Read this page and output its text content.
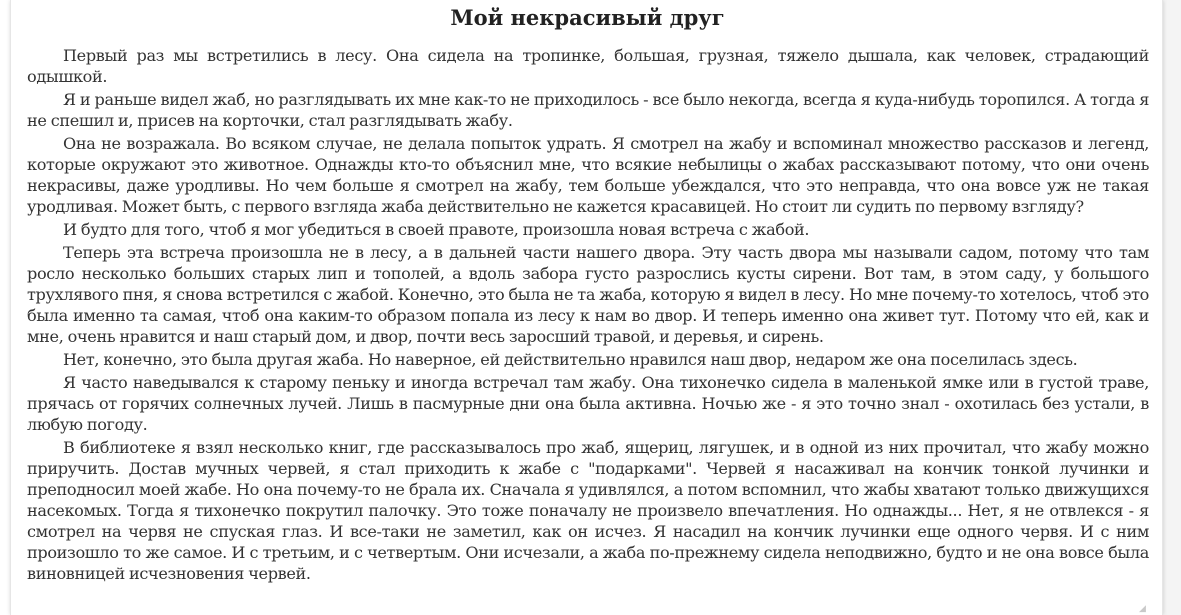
Мой некрасивый друг

Первый раз мы встретились в лесу. Она сидела на тропинке, большая, грузная, тяжело дышала, как человек, страдающий одышкой.

Я и раньше видел жаб, но разглядывать их мне как-то не приходилось - все было некогда, всегда я куда-нибудь торопился. А тогда я не спешил и, присев на корточки, стал разглядывать жабу.

Она не возражала. Во всяком случае, не делала попыток удрать. Я смотрел на жабу и вспоминал множество рассказов и легенд, которые окружают это животное. Однажды кто-то объяснил мне, что всякие небылицы о жабах рассказывают потому, что они очень некрасивы, даже уродливы. Но чем больше я смотрел на жабу, тем больше убеждался, что это неправда, что она вовсе уж не такая уродливая. Может быть, с первого взгляда жаба действительно не кажется красавицей. Но стоит ли судить по первому взгляду?

И будто для того, чтоб я мог убедиться в своей правоте, произошла новая встреча с жабой.

Теперь эта встреча произошла не в лесу, а в дальней части нашего двора. Эту часть двора мы называли садом, потому что там росло несколько больших старых лип и тополей, а вдоль забора густо разрослись кусты сирени. Вот там, в этом саду, у большого трухлявого пня, я снова встретился с жабой. Конечно, это была не та жаба, которую я видел в лесу. Но мне почему-то хотелось, чтоб это была именно та самая, чтоб она каким-то образом попала из лесу к нам во двор. И теперь именно она живет тут. Потому что ей, как и мне, очень нравится и наш старый дом, и двор, почти весь заросший травой, и деревья, и сирень.

Нет, конечно, это была другая жаба. Но наверное, ей действительно нравился наш двор, недаром же она поселилась здесь.

Я часто наведывался к старому пеньку и иногда встречал там жабу. Она тихонечко сидела в маленькой ямке или в густой траве, прячась от горячих солнечных лучей. Лишь в пасмурные дни она была активна. Ночью же - я это точно знал - охотилась без устали, в любую погоду.

В библиотеке я взял несколько книг, где рассказывалось про жаб, ящериц, лягушек, и в одной из них прочитал, что жабу можно приручить. Достав мучных червей, я стал приходить к жабе с "подарками". Червей я насаживал на кончик тонкой лучинки и преподносил моей жабе. Но она почему-то не брала их. Сначала я удивлялся, а потом вспомнил, что жабы хватают только движущихся насекомых. Тогда я тихонечко покрутил палочку. Это тоже поначалу не произвело впечатления. Но однажды... Нет, я не отвлекся - я смотрел на червя не спуская глаз. И все-таки не заметил, как он исчез. Я насадил на кончик лучинки еще одного червя. И с ним произошло то же самое. И с третьим, и с четвертым. Они исчезали, а жаба по-прежнему сидела неподвижно, будто и не она вовсе была виновницей исчезновения червей.

◢
